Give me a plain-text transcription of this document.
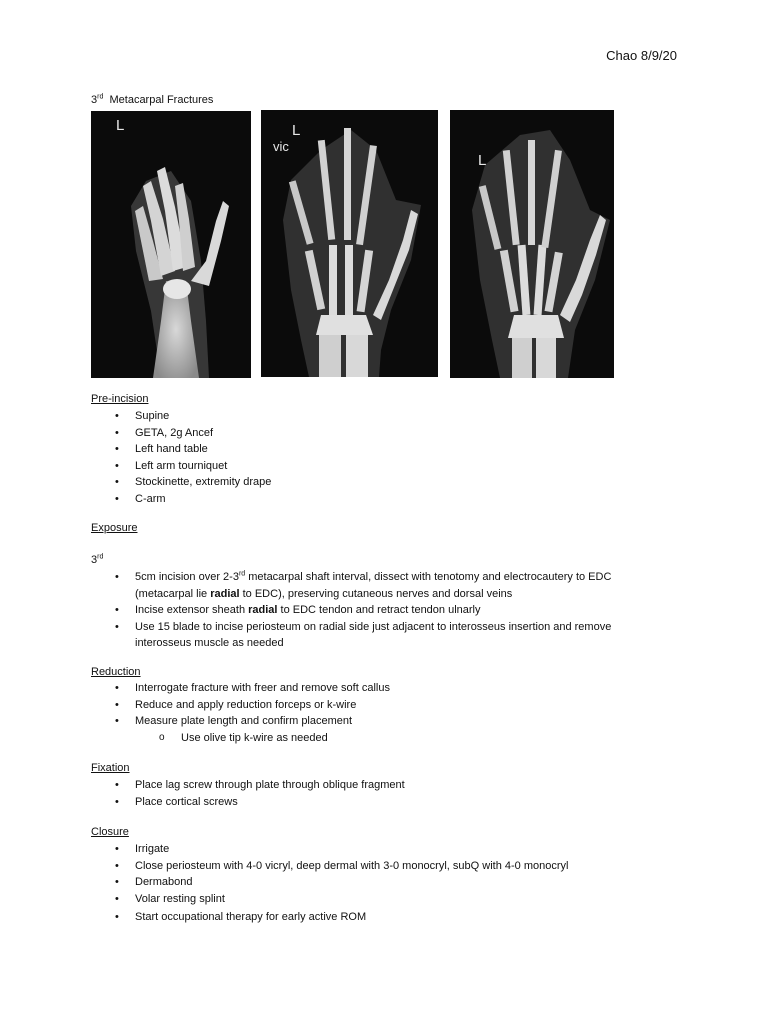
Chao 8/9/20
3rd Metacarpal Fractures
L	L
vic
L
Pre-incision
• Supine
• GETA, 2g Ancef
• Left hand table
• Left arm tourniquet
• Stockinette, extremity drape
• C-arm
Exposure
3rd
• 5cm incision over 2-3rd metacarpal shaft interval, dissect with tenotomy and electrocautery to EDC
(metacarpal lie radial to EDC), preserving cutaneous nerves and dorsal veins
• Incise extensor sheath radial to EDC tendon and retract tendon ulnarly
• Use 15 blade to incise periosteum on radial side just adjacent to interosseus insertion and remove
interosseus muscle as needed
Reduction
• Interrogate fracture with freer and remove soft callus
• Reduce and apply reduction forceps or k-wire
• Measure plate length and confirm placement
o Use olive tip k-wire as needed
Fixation
• Place lag screw through plate through oblique fragment
• Place cortical screws
Closure
• Irrigate
• Close periosteum with 4-0 vicryl, deep dermal with 3-0 monocryl, subQ with 4-0 monocryl
• Dermabond
• Volar resting splint
• Start occupational therapy for early active ROM
